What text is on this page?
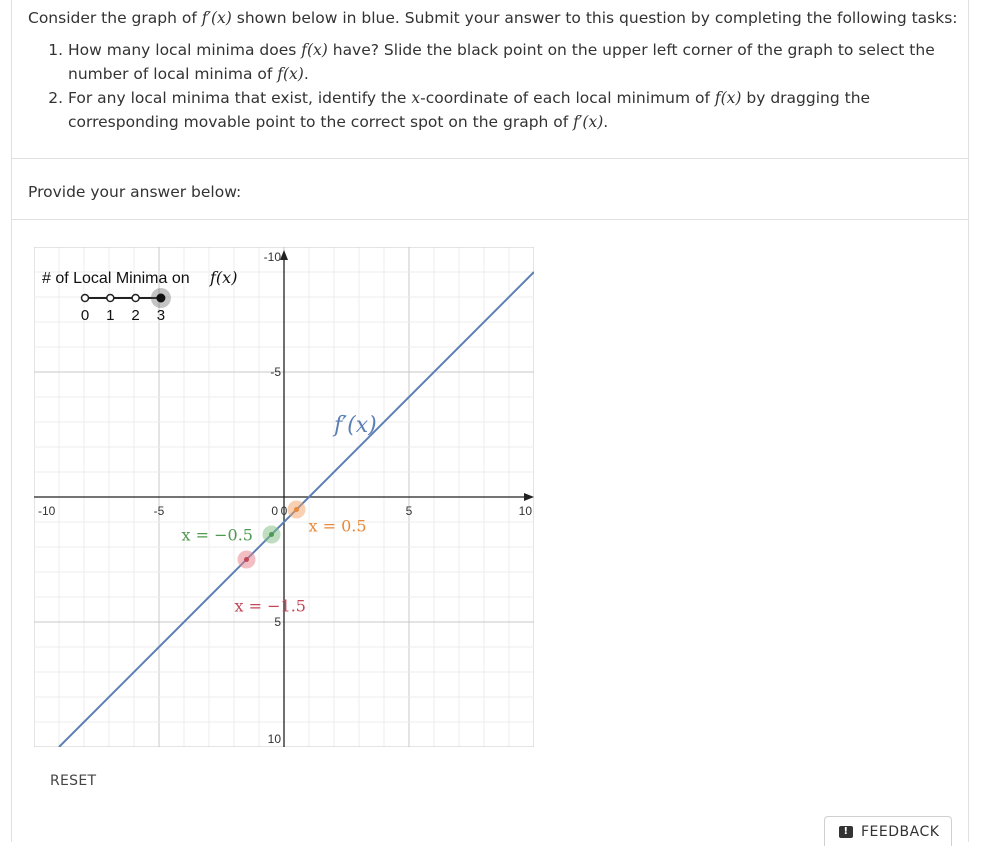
Consider the graph of f′(x) shown below in blue. Submit your answer to this question by completing the following tasks:
1. How many local minima does f(x) have? Slide the black point on the upper left corner of the graph to select the number of local minima of f(x).
2. For any local minima that exist, identify the x-coordinate of each local minimum of f(x) by dragging the corresponding movable point to the correct spot on the graph of f′(x).
Provide your answer below:
-10	-5	0	5	10
0
10
5
-5
-10
f′(x)
x = 0.5
x = −0.5
x = −1.5
# of Local Minima on f(x)
0 1 2 3
RESET
! FEEDBACK
